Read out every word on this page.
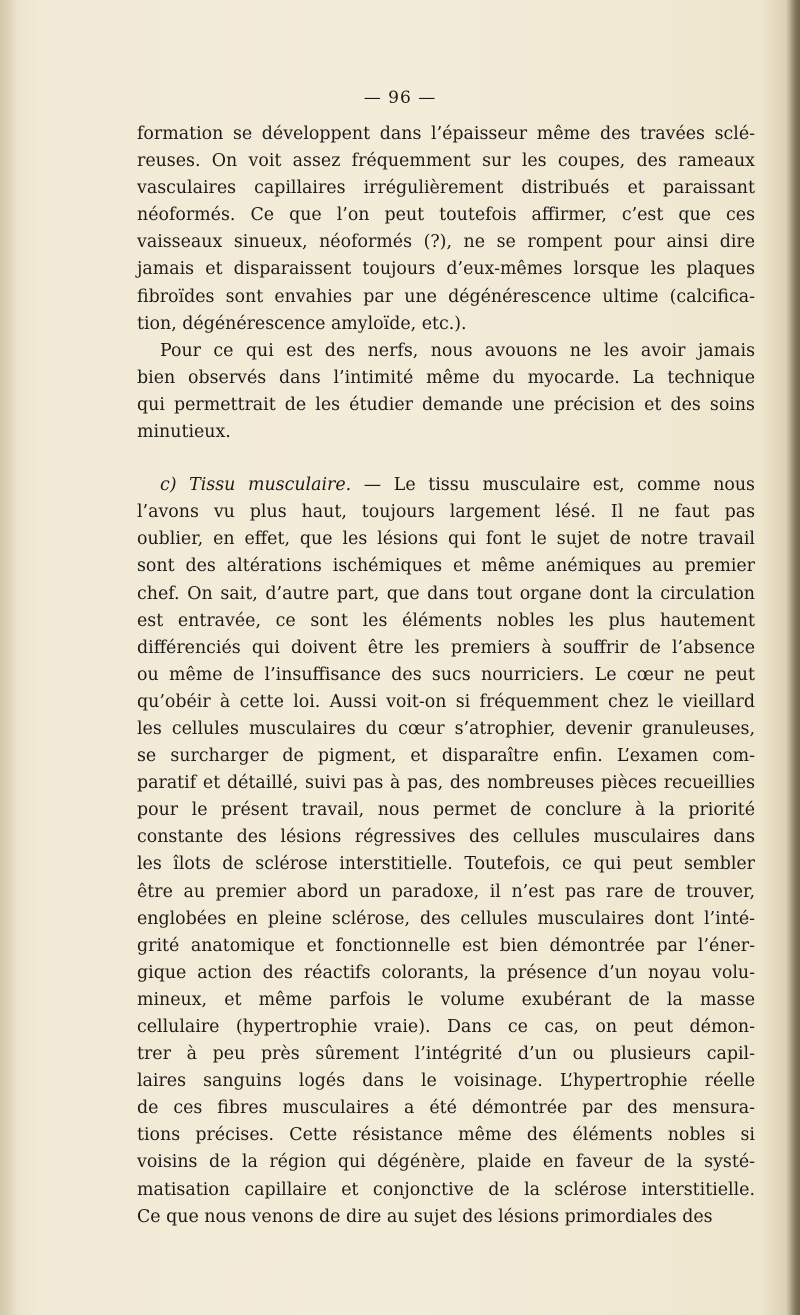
— 96 —
formation se développent dans l’épaisseur même des travées sclé-
reuses. On voit assez fréquemment sur les coupes, des rameaux
vasculaires capillaires irrégulièrement distribués et paraissant
néoformés. Ce que l’on peut toutefois affirmer, c’est que ces
vaisseaux sinueux, néoformés (?), ne se rompent pour ainsi dire
jamais et disparaissent toujours d’eux-mêmes lorsque les plaques
fibroïdes sont envahies par une dégénérescence ultime (calcifica-
tion, dégénérescence amyloïde, etc.).
Pour ce qui est des nerfs, nous avouons ne les avoir jamais
bien observés dans l’intimité même du myocarde. La technique
qui permettrait de les étudier demande une précision et des soins
minutieux.
c) Tissu musculaire. — Le tissu musculaire est, comme nous
l’avons vu plus haut, toujours largement lésé. Il ne faut pas
oublier, en effet, que les lésions qui font le sujet de notre travail
sont des altérations ischémiques et même anémiques au premier
chef. On sait, d’autre part, que dans tout organe dont la circulation
est entravée, ce sont les éléments nobles les plus hautement
différenciés qui doivent être les premiers à souffrir de l’absence
ou même de l’insuffisance des sucs nourriciers. Le cœur ne peut
qu’obéir à cette loi. Aussi voit-on si fréquemment chez le vieillard
les cellules musculaires du cœur s’atrophier, devenir granuleuses,
se surcharger de pigment, et disparaître enfin. L’examen com-
paratif et détaillé, suivi pas à pas, des nombreuses pièces recueillies
pour le présent travail, nous permet de conclure à la priorité
constante des lésions régressives des cellules musculaires dans
les îlots de sclérose interstitielle. Toutefois, ce qui peut sembler
être au premier abord un paradoxe, il n’est pas rare de trouver,
englobées en pleine sclérose, des cellules musculaires dont l’inté-
grité anatomique et fonctionnelle est bien démontrée par l’éner-
gique action des réactifs colorants, la présence d’un noyau volu-
mineux, et même parfois le volume exubérant de la masse
cellulaire (hypertrophie vraie). Dans ce cas, on peut démon-
trer à peu près sûrement l’intégrité d’un ou plusieurs capil-
laires sanguins logés dans le voisinage. L’hypertrophie réelle
de ces fibres musculaires a été démontrée par des mensura-
tions précises. Cette résistance même des éléments nobles si
voisins de la région qui dégénère, plaide en faveur de la systé-
matisation capillaire et conjonctive de la sclérose interstitielle.
Ce que nous venons de dire au sujet des lésions primordiales des
